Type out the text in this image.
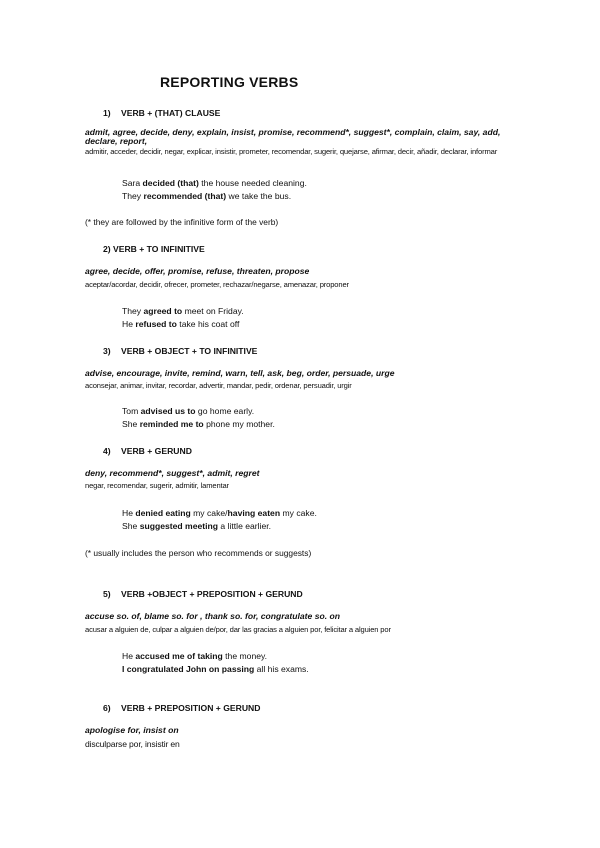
REPORTING VERBS
1) VERB + (THAT) CLAUSE
admit, agree, decide, deny, explain, insist, promise, recommend*, suggest*, complain, claim, say, add, declare, report,
admitir, acceder, decidir, negar, explicar, insistir, prometer, recomendar, sugerir, quejarse, afirmar, decir, añadir, declarar, informar
Sara decided (that) the house needed cleaning.
They recommended (that) we take the bus.
(* they are followed by the infinitive form of the verb)
2) VERB + TO INFINITIVE
agree, decide, offer, promise, refuse, threaten, propose
aceptar/acordar, decidir, ofrecer, prometer, rechazar/negarse, amenazar, proponer
They agreed to meet on Friday.
He refused to take his coat off
3) VERB + OBJECT + TO INFINITIVE
advise, encourage, invite, remind, warn, tell, ask, beg, order, persuade, urge
aconsejar, animar, invitar, recordar, advertir, mandar, pedir, ordenar, persuadir, urgir
Tom advised us to go home early.
She reminded me to phone my mother.
4) VERB + GERUND
deny, recommend*, suggest*, admit, regret
negar, recomendar, sugerir, admitir, lamentar
He denied eating my cake/having eaten my cake.
She suggested meeting a little earlier.
(* usually includes the person who recommends or suggests)
5) VERB +OBJECT + PREPOSITION + GERUND
accuse so. of, blame so. for , thank so. for, congratulate so. on
acusar a alguien de, culpar a alguien de/por, dar las gracias a alguien por, felicitar a alguien por
He accused me of taking the money.
I congratulated John on passing all his exams.
6) VERB + PREPOSITION + GERUND
apologise for, insist on
disculparse por, insistir en
